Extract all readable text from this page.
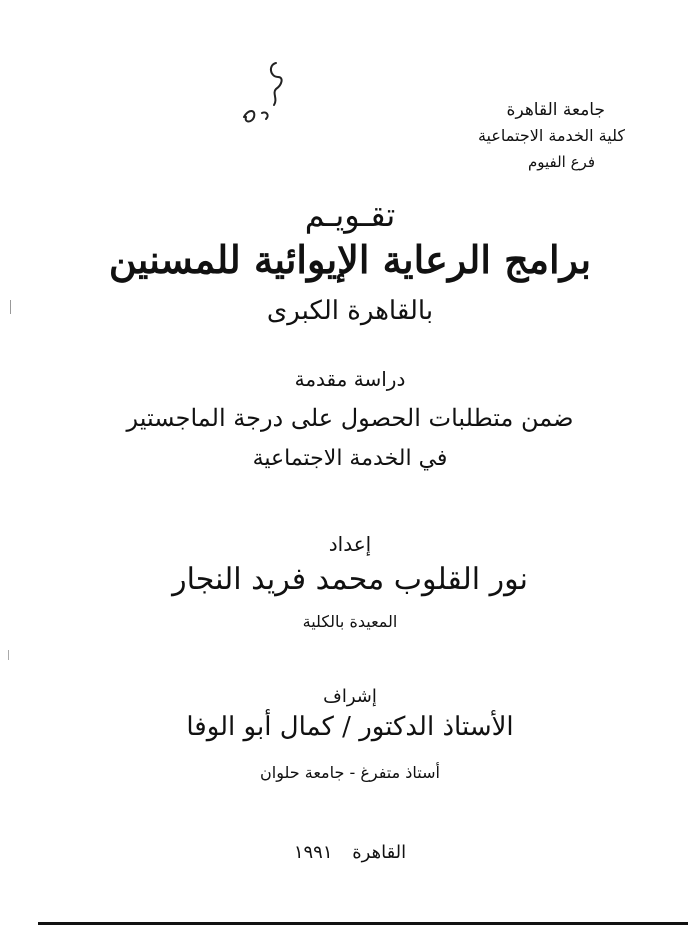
جامعة القاهرة
كلية الخدمة الاجتماعية
فرع الفيوم
تقـويـم
برامج الرعاية الإيوائية للمسنين
بالقاهرة الكبرى
دراسة مقدمة
ضمن متطلبات الحصول على درجة الماجستير
في الخدمة الاجتماعية
إعداد
نور القلوب محمد فريد النجار
المعيدة بالكلية
إشراف
الأستاذ الدكتور / كمال أبو الوفا
أستاذ متفرغ - جامعة حلوان
القاهرة ١٩٩١
